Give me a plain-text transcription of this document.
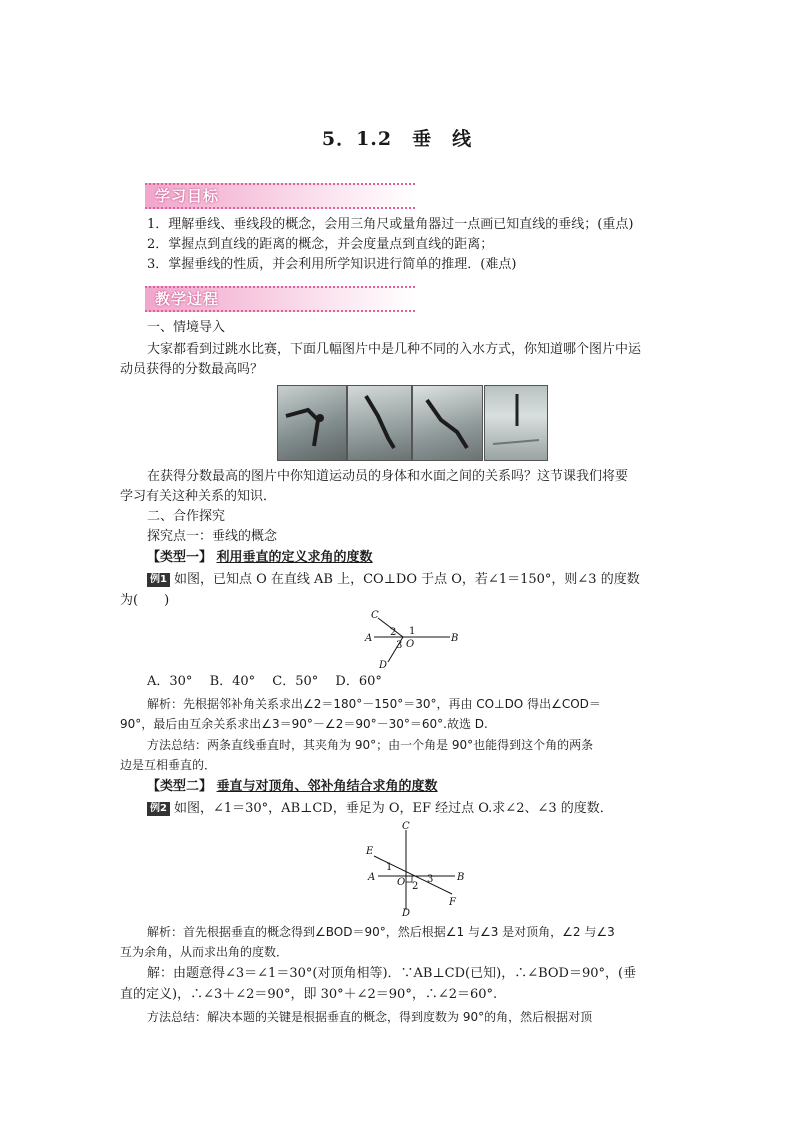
5．1.2　垂　线
学习目标
1．理解垂线、垂线段的概念，会用三角尺或量角器过一点画已知直线的垂线；(重点)
2．掌握点到直线的距离的概念，并会度量点到直线的距离；
3．掌握垂线的性质，并会利用所学知识进行简单的推理．(难点)
教学过程
一、情境导入
大家都看到过跳水比赛，下面几幅图片中是几种不同的入水方式，你知道哪个图片中运
动员获得的分数最高吗？
在获得分数最高的图片中你知道运动员的身体和水面之间的关系吗？这节课我们将要
学习有关这种关系的知识．
二、合作探究
探究点一：垂线的概念
【类型一】 利用垂直的定义求角的度数
例1 如图，已知点 O 在直线 AB 上，CO⊥DO 于点 O，若∠1＝150°，则∠3 的度数
为(　　)
A	B
C
D
O
1
2
3
A．30°　 B．40°　 C．50°　 D．60°
解析：先根据邻补角关系求出∠2＝180°－150°＝30°，再由 CO⊥DO 得出∠COD＝
90°，最后由互余关系求出∠3＝90°－∠2＝90°－30°＝60°.故选 D.
方法总结：两条直线垂直时，其夹角为 90°；由一个角是 90°也能得到这个角的两条
边是互相垂直的．
【类型二】 垂直与对顶角、邻补角结合求角的度数
例2 如图，∠1＝30°，AB⊥CD，垂足为 O，EF 经过点 O.求∠2、∠3 的度数．
A	B
C
D
E
F
O
1
2
3
解析：首先根据垂直的概念得到∠BOD＝90°，然后根据∠1 与∠3 是对顶角，∠2 与∠3
互为余角，从而求出角的度数．
解：由题意得∠3＝∠1＝30°(对顶角相等)．∵AB⊥CD(已知)，∴∠BOD＝90°，(垂
直的定义)，∴∠3＋∠2＝90°，即 30°＋∠2＝90°，∴∠2＝60°.
方法总结：解决本题的关键是根据垂直的概念，得到度数为 90°的角，然后根据对顶
